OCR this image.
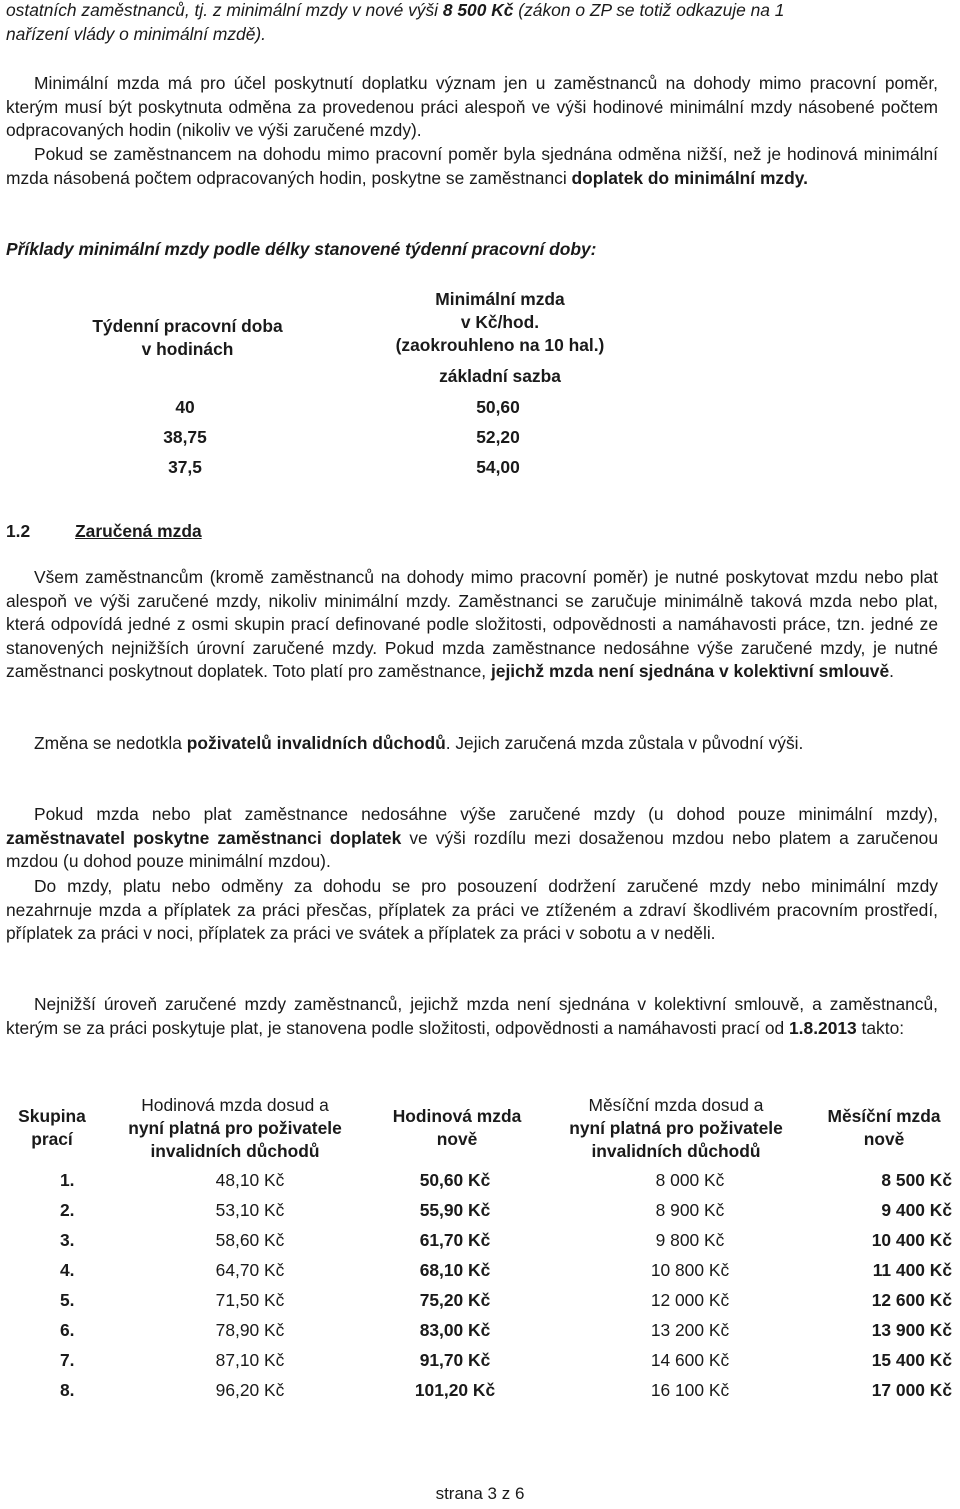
ostatních zaměstnanců, tj. z minimální mzdy v nové výši 8 500 Kč (zákon o ZP se totiž odkazuje na 1
nařízení vlády o minimální mzdě).
Minimální mzda má pro účel poskytnutí doplatku význam jen u zaměstnanců na dohody mimo pracovní poměr, kterým musí být poskytnuta odměna za provedenou práci alespoň ve výši hodinové minimální mzdy násobené počtem odpracovaných hodin (nikoliv ve výši zaručené mzdy).
Pokud se zaměstnancem na dohodu mimo pracovní poměr byla sjednána odměna nižší, než je hodinová minimální mzda násobená počtem odpracovaných hodin, poskytne se zaměstnanci doplatek do minimální mzdy.
Příklady minimální mzdy podle délky stanovené týdenní pracovní doby:
Týdenní pracovní doba
v hodinách
Minimální mzda
v Kč/hod.
(zaokrouhleno na 10 hal.)
základní sazba
40	50,60
38,75	52,20
37,5	54,00
1.2	Zaručená mzda
Všem zaměstnancům (kromě zaměstnanců na dohody mimo pracovní poměr) je nutné poskytovat mzdu nebo plat alespoň ve výši zaručené mzdy, nikoliv minimální mzdy. Zaměstnanci se zaručuje minimálně taková mzda nebo plat, která odpovídá jedné z osmi skupin prací definované podle složitosti, odpovědnosti a namáhavosti práce, tzn. jedné ze stanovených nejnižších úrovní zaručené mzdy. Pokud mzda zaměstnance nedosáhne výše zaručené mzdy, je nutné zaměstnanci poskytnout doplatek. Toto platí pro zaměstnance, jejichž mzda není sjednána v kolektivní smlouvě.
Změna se nedotkla poživatelů invalidních důchodů. Jejich zaručená mzda zůstala v původní výši.
Pokud mzda nebo plat zaměstnance nedosáhne výše zaručené mzdy (u dohod pouze minimální mzdy), zaměstnavatel poskytne zaměstnanci doplatek ve výši rozdílu mezi dosaženou mzdou nebo platem a zaručenou mzdou (u dohod pouze minimální mzdou).
Do mzdy, platu nebo odměny za dohodu se pro posouzení dodržení zaručené mzdy nebo minimální mzdy nezahrnuje mzda a příplatek za práci přesčas, příplatek za práci ve ztíženém a zdraví škodlivém pracovním prostředí, příplatek za práci v noci, příplatek za práci ve svátek a příplatek za práci v sobotu a v neděli.
Nejnižší úroveň zaručené mzdy zaměstnanců, jejichž mzda není sjednána v kolektivní smlouvě, a zaměstnanců, kterým se za práci poskytuje plat, je stanovena podle složitosti, odpovědnosti a namáhavosti prací od 1.8.2013 takto:
Skupina
prací
Hodinová mzda dosud a
nyní platná pro poživatele
invalidních důchodů
Hodinová mzda
nově
Měsíční mzda dosud a
nyní platná pro poživatele
invalidních důchodů
Měsíční mzda
nově
1.	48,10 Kč	50,60 Kč	8 000 Kč	8 500 Kč
2.	53,10 Kč	55,90 Kč	8 900 Kč	9 400 Kč
3.	58,60 Kč	61,70 Kč	9 800 Kč	10 400 Kč
4.	64,70 Kč	68,10 Kč	10 800 Kč	11 400 Kč
5.	71,50 Kč	75,20 Kč	12 000 Kč	12 600 Kč
6.	78,90 Kč	83,00 Kč	13 200 Kč	13 900 Kč
7.	87,10 Kč	91,70 Kč	14 600 Kč	15 400 Kč
8.	96,20 Kč	101,20 Kč	16 100 Kč	17 000 Kč
strana 3 z 6
